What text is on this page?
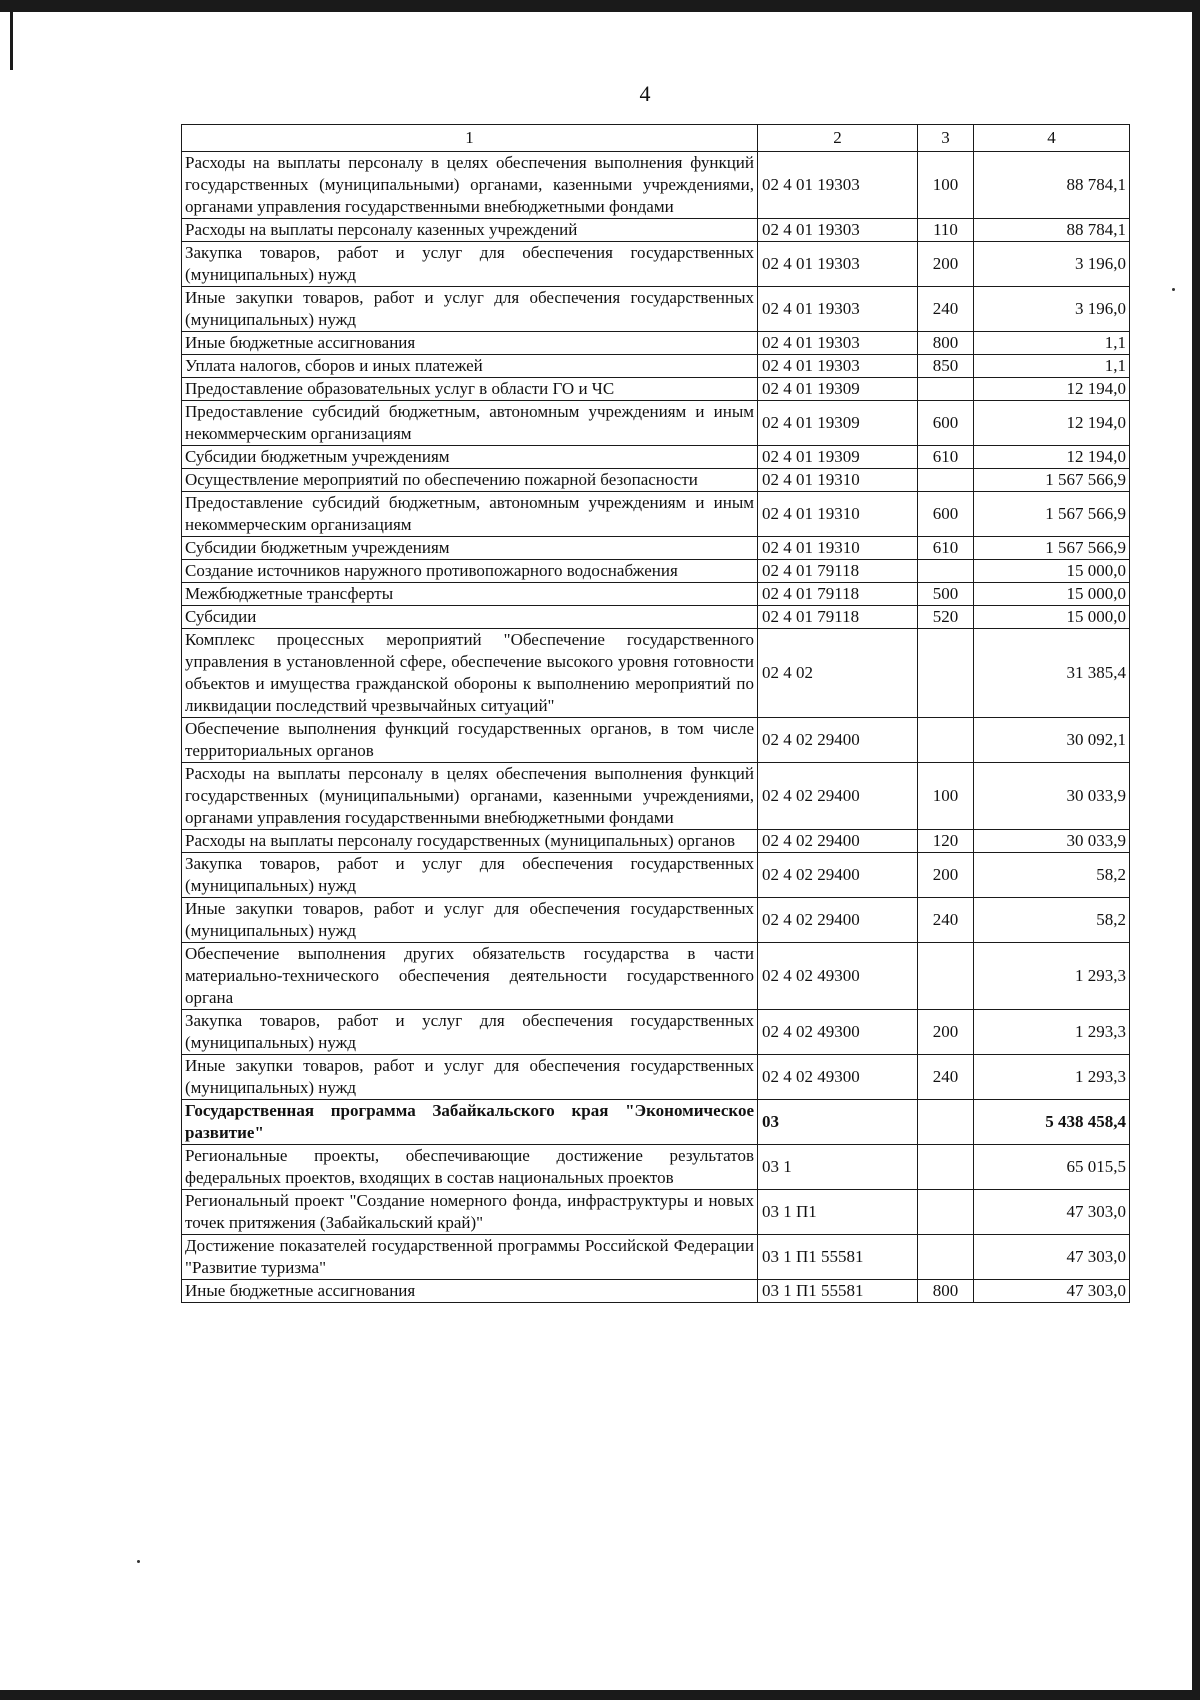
4
1	2	3	4
Расходы на выплаты персоналу в целях обеспечения выполнения функций государственных (муниципальными) органами, казенными учреждениями, органами управления государственными внебюджетными фондами	02 4 01 19303	100	88 784,1
Расходы на выплаты персоналу казенных учреждений	02 4 01 19303	110	88 784,1
Закупка товаров, работ и услуг для обеспечения государственных (муниципальных) нужд	02 4 01 19303	200	3 196,0
Иные закупки товаров, работ и услуг для обеспечения государственных (муниципальных) нужд	02 4 01 19303	240	3 196,0
Иные бюджетные ассигнования	02 4 01 19303	800	1,1
Уплата налогов, сборов и иных платежей	02 4 01 19303	850	1,1
Предоставление образовательных услуг в области ГО и ЧС	02 4 01 19309		12 194,0
Предоставление субсидий бюджетным, автономным учреждениям и иным некоммерческим организациям	02 4 01 19309	600	12 194,0
Субсидии бюджетным учреждениям	02 4 01 19309	610	12 194,0
Осуществление мероприятий по обеспечению пожарной безопасности	02 4 01 19310		1 567 566,9
Предоставление субсидий бюджетным, автономным учреждениям и иным некоммерческим организациям	02 4 01 19310	600	1 567 566,9
Субсидии бюджетным учреждениям	02 4 01 19310	610	1 567 566,9
Создание источников наружного противопожарного водоснабжения	02 4 01 79118		15 000,0
Межбюджетные трансферты	02 4 01 79118	500	15 000,0
Субсидии	02 4 01 79118	520	15 000,0
Комплекс процессных мероприятий "Обеспечение государственного управления в установленной сфере, обеспечение высокого уровня готовности объектов и имущества гражданской обороны к выполнению мероприятий по ликвидации последствий чрезвычайных ситуаций"	02 4 02		31 385,4
Обеспечение выполнения функций государственных органов, в том числе территориальных органов	02 4 02 29400		30 092,1
Расходы на выплаты персоналу в целях обеспечения выполнения функций государственных (муниципальными) органами, казенными учреждениями, органами управления государственными внебюджетными фондами	02 4 02 29400	100	30 033,9
Расходы на выплаты персоналу государственных (муниципальных) органов	02 4 02 29400	120	30 033,9
Закупка товаров, работ и услуг для обеспечения государственных (муниципальных) нужд	02 4 02 29400	200	58,2
Иные закупки товаров, работ и услуг для обеспечения государственных (муниципальных) нужд	02 4 02 29400	240	58,2
Обеспечение выполнения других обязательств государства в части материально-технического обеспечения деятельности государственного органа	02 4 02 49300		1 293,3
Закупка товаров, работ и услуг для обеспечения государственных (муниципальных) нужд	02 4 02 49300	200	1 293,3
Иные закупки товаров, работ и услуг для обеспечения государственных (муниципальных) нужд	02 4 02 49300	240	1 293,3
Государственная программа Забайкальского края "Экономическое развитие"	03		5 438 458,4
Региональные проекты, обеспечивающие достижение результатов федеральных проектов, входящих в состав национальных проектов	03 1		65 015,5
Региональный проект "Создание номерного фонда, инфраструктуры и новых точек притяжения (Забайкальский край)"	03 1 П1		47 303,0
Достижение показателей государственной программы Российской Федерации "Развитие туризма"	03 1 П1 55581		47 303,0
Иные бюджетные ассигнования	03 1 П1 55581	800	47 303,0
